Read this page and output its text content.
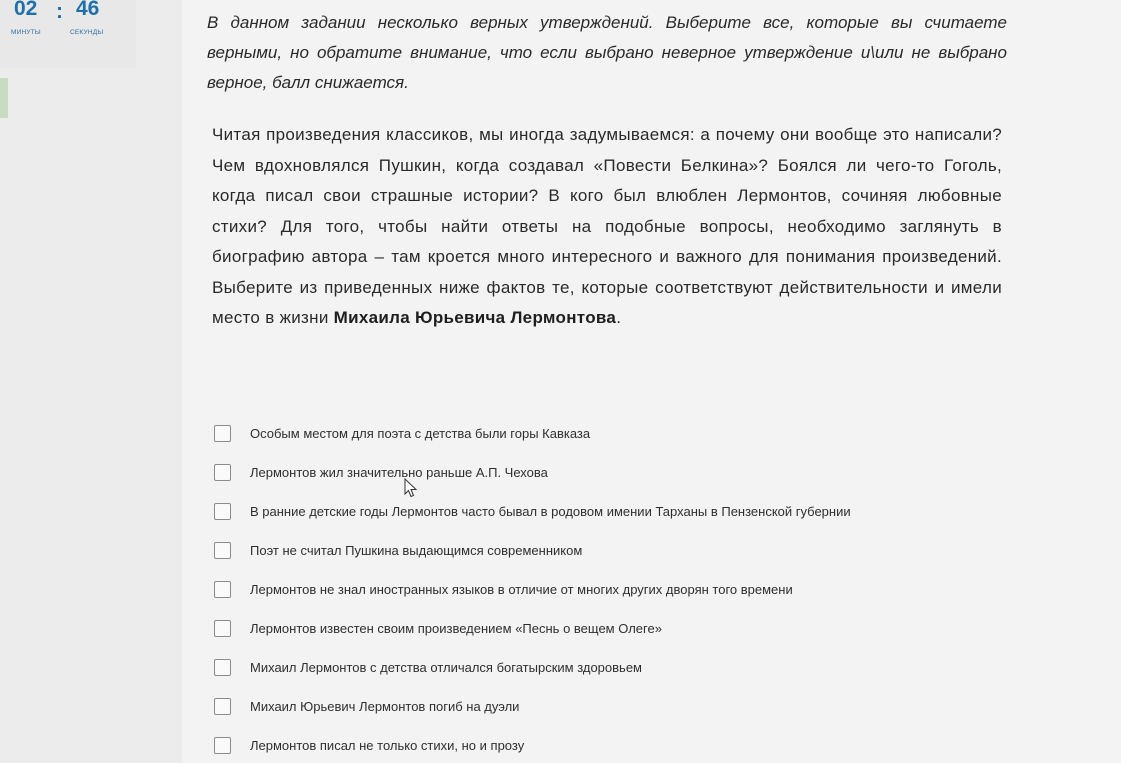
02 : 46
МИНУТЫ	СЕКУНДЫ
В данном задании несколько верных утверждений. Выберите все, которые вы считаете верными, но обратите внимание, что если выбрано неверное утверждение и\или не выбрано верное, балл снижается.
Читая произведения классиков, мы иногда задумываемся: а почему они вообще это написали? Чем вдохновлялся Пушкин, когда создавал «Повести Белкина»? Боялся ли чего-то Гоголь, когда писал свои страшные истории? В кого был влюблен Лермонтов, сочиняя любовные стихи? Для того, чтобы найти ответы на подобные вопросы, необходимо заглянуть в биографию автора – там кроется много интересного и важного для понимания произведений. Выберите из приведенных ниже фактов те, которые соответствуют действительности и имели место в жизни Михаила Юрьевича Лермонтова.
Особым местом для поэта с детства были горы Кавказа
Лермонтов жил значительно раньше А.П. Чехова
В ранние детские годы Лермонтов часто бывал в родовом имении Тарханы в Пензенской губернии
Поэт не считал Пушкина выдающимся современником
Лермонтов не знал иностранных языков в отличие от многих других дворян того времени
Лермонтов известен своим произведением «Песнь о вещем Олеге»
Михаил Лермонтов с детства отличался богатырским здоровьем
Михаил Юрьевич Лермонтов погиб на дуэли
Лермонтов писал не только стихи, но и прозу
